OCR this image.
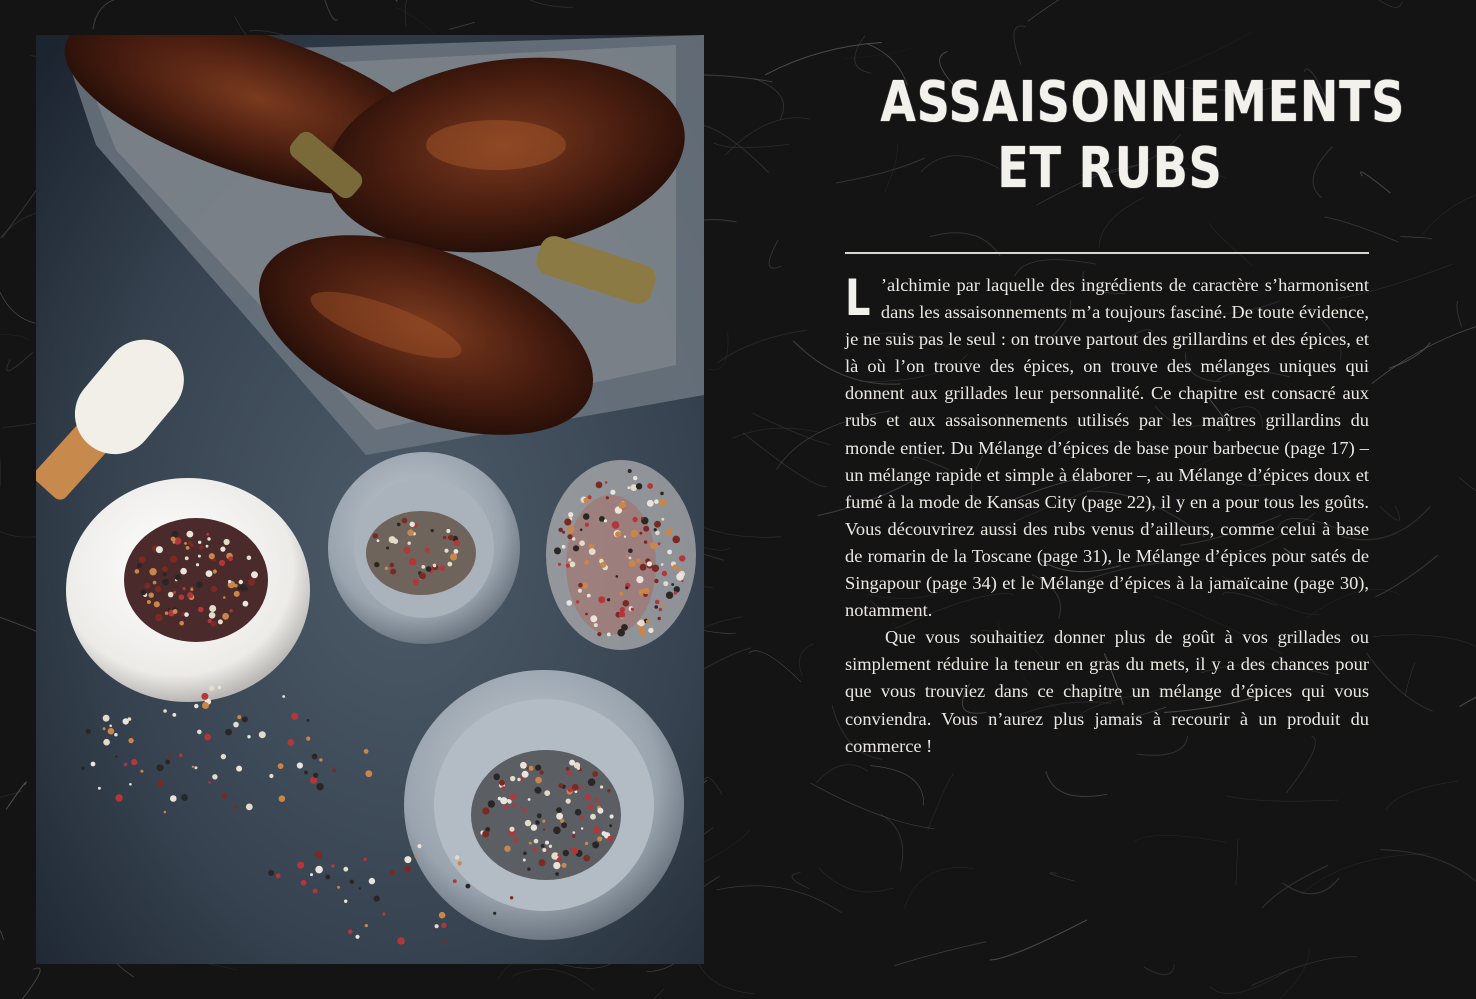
ASSAISONNEMENTS
ET RUBS

L ’alchimie par laquelle des ingrédients de caractère s’harmonisent dans les assaisonnements m’a toujours fasciné. De toute évidence, je ne suis pas le seul : on trouve partout des grillardins et des épices, et là où l’on trouve des épices, on trouve des mélanges uniques qui donnent aux grillades leur personnalité. Ce chapitre est consacré aux rubs et aux assaisonnements utilisés par les maîtres grillardins du monde entier. Du Mélange d’épices de base pour barbecue (page 17) – un mélange rapide et simple à élaborer –, au Mélange d’épices doux et fumé à la mode de Kansas City (page 22), il y en a pour tous les goûts. Vous découvrirez aussi des rubs venus d’ailleurs, comme celui à base de romarin de la Toscane (page 31), le Mélange d’épices pour satés de Singapour (page 34) et le Mélange d’épices à la jamaïcaine (page 30), notamment.

Que vous souhaitiez donner plus de goût à vos grillades ou simplement réduire la teneur en gras du mets, il y a des chances pour que vous trouviez dans ce chapitre un mélange d’épices qui vous conviendra. Vous n’aurez plus jamais à recourir à un produit du commerce !
